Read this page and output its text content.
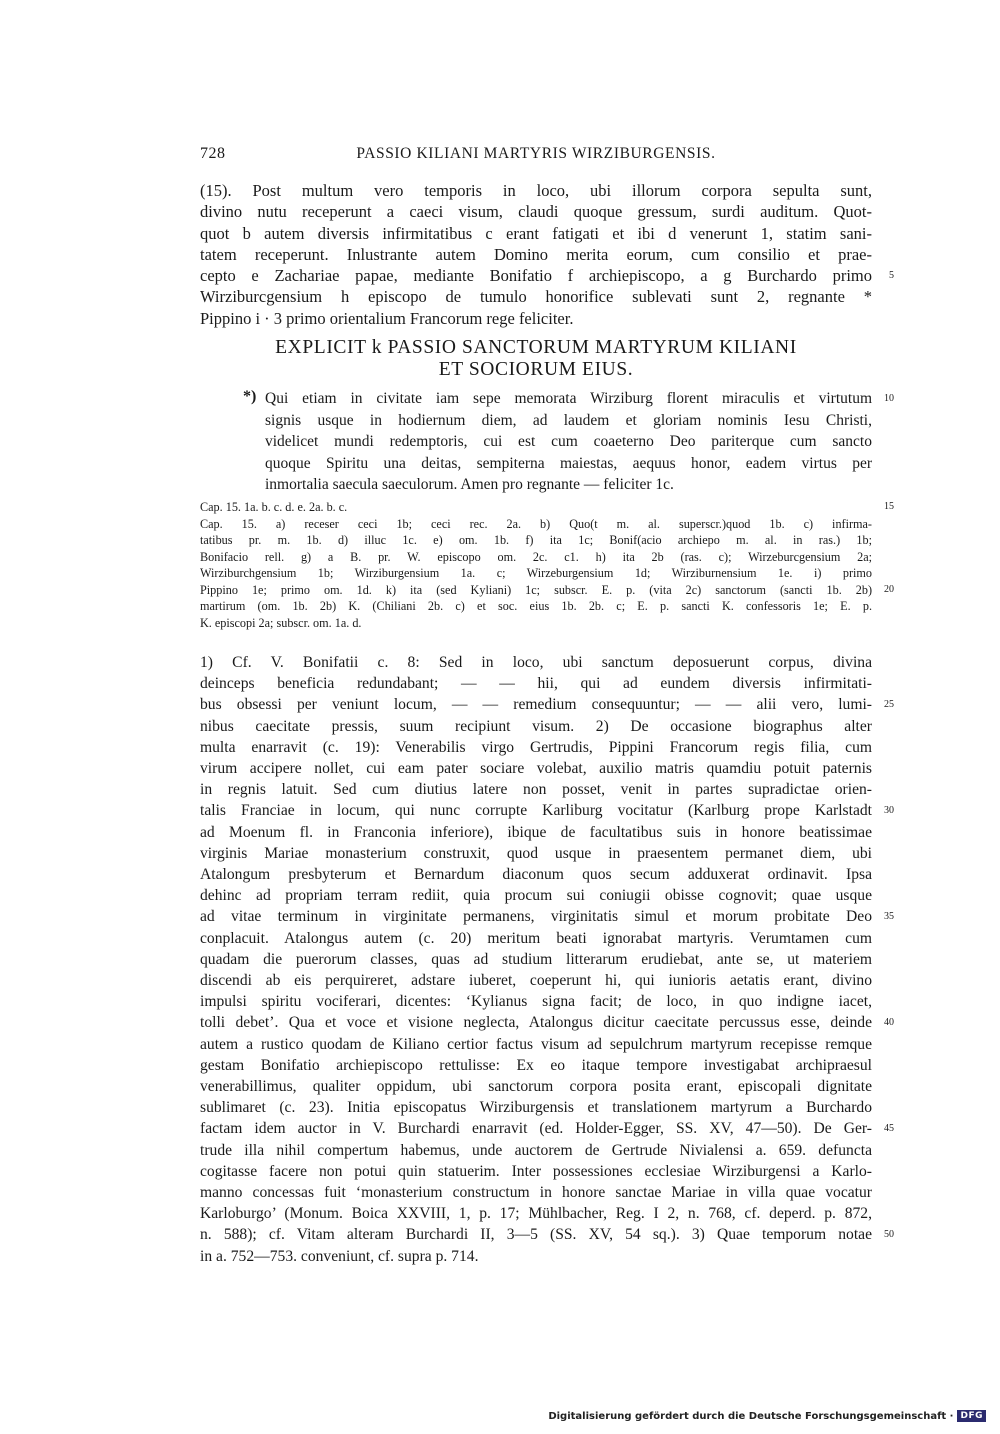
728	PASSIO KILIANI MARTYRIS WIRZIBURGENSIS.
(15). Post multum vero temporis in loco, ubi illorum corpora sepulta sunt,
divino nutu receperunt a caeci visum, claudi quoque gressum, surdi auditum. Quot-
quot b autem diversis infirmitatibus c erant fatigati et ibi d venerunt 1, statim sani-
tatem receperunt. Inlustrante autem Domino merita eorum, cum consilio et prae-
cepto e Zachariae papae, mediante Bonifatio f archiepiscopo, a g Burchardo primo 5
Wirziburcgensium h episcopo de tumulo honorifice sublevati sunt 2, regnante *
Pippino i · 3 primo orientalium Francorum rege feliciter.
EXPLICIT k PASSIO SANCTORUM MARTYRUM KILIANI
ET SOCIORUM EIUS.
*) Qui etiam in civitate iam sepe memorata Wirziburg florent miraculis et virtutum 10
signis usque in hodiernum diem, ad laudem et gloriam nominis Iesu Christi,
videlicet mundi redemptoris, cui est cum coaeterno Deo pariterque cum sancto
quoque Spiritu una deitas, sempiterna maiestas, aequus honor, eadem virtus per
inmortalia saecula saeculorum. Amen pro regnante — feliciter 1c.
Cap. 15. 1a. b. c. d. e. 2a. b. c.	15
Cap. 15. a) receser ceci 1b; ceci rec. 2a. b) Quo(t m. al. superscr.)quod 1b. c) infirma-
tatibus pr. m. 1b. d) illuc 1c. e) om. 1b. f) ita 1c; Bonif(acio archiepo m. al. in ras.) 1b;
Bonifacio rell. g) a B. pr. W. episcopo om. 2c. c1. h) ita 2b (ras. c); Wirzeburcgensium 2a;
Wirziburchgensium 1b; Wirziburgensium 1a. c; Wirzeburgensium 1d; Wirziburnensium 1e. i) primo
Pippino 1e; primo om. 1d. k) ita (sed Kyliani) 1c; subscr. E. p. (vita 2c) sanctorum (sancti 1b. 2b) 20
martirum (om. 1b. 2b) K. (Chiliani 2b. c) et soc. eius 1b. 2b. c; E. p. sancti K. confessoris 1e; E. p.
K. episcopi 2a; subscr. om. 1a. d.
1) Cf. V. Bonifatii c. 8: Sed in loco, ubi sanctum deposuerunt corpus, divina
deinceps beneficia redundabant; — — hii, qui ad eundem diversis infirmitati-
bus obsessi per veniunt locum, — — remedium consequuntur; — — alii vero, lumi- 25
nibus caecitate pressis, suum recipiunt visum. 2) De occasione biographus alter
multa enarravit (c. 19): Venerabilis virgo Gertrudis, Pippini Francorum regis filia, cum
virum accipere nollet, cui eam pater sociare volebat, auxilio matris quamdiu potuit paternis
in regnis latuit. Sed cum diutius latere non posset, venit in partes supradictae orien-
talis Franciae in locum, qui nunc corrupte Karliburg vocitatur (Karlburg prope Karlstadt 30
ad Moenum fl. in Franconia inferiore), ibique de facultatibus suis in honore beatissimae
virginis Mariae monasterium construxit, quod usque in praesentem permanet diem, ubi
Atalongum presbyterum et Bernardum diaconum quos secum adduxerat ordinavit. Ipsa
dehinc ad propriam terram rediit, quia procum sui coniugii obisse cognovit; quae usque
ad vitae terminum in virginitate permanens, virginitatis simul et morum probitate Deo 35
conplacuit. Atalongus autem (c. 20) meritum beati ignorabat martyris. Verumtamen cum
quadam die puerorum classes, quas ad studium litterarum erudiebat, ante se, ut materiem
discendi ab eis perquireret, adstare iuberet, coeperunt hi, qui iunioris aetatis erant, divino
impulsi spiritu vociferari, dicentes: ‘Kylianus signa facit; de loco, in quo indigne iacet,
tolli debet’. Qua et voce et visione neglecta, Atalongus dicitur caecitate percussus esse, deinde 40
autem a rustico quodam de Kiliano certior factus visum ad sepulchrum martyrum recepisse remque
gestam Bonifatio archiepiscopo rettulisse: Ex eo itaque tempore investigabat archipraesul
venerabillimus, qualiter oppidum, ubi sanctorum corpora posita erant, episcopali dignitate
sublimaret (c. 23). Initia episcopatus Wirziburgensis et translationem martyrum a Burchardo
factam idem auctor in V. Burchardi enarravit (ed. Holder-Egger, SS. XV, 47—50). De Ger- 45
trude illa nihil compertum habemus, unde auctorem de Gertrude Nivialensi a. 659. defuncta
cogitasse facere non potui quin statuerim. Inter possessiones ecclesiae Wirziburgensi a Karlo-
manno concessas fuit ‘monasterium constructum in honore sanctae Mariae in villa quae vocatur
Karloburgo’ (Monum. Boica XXVIII, 1, p. 17; Mühlbacher, Reg. I 2, n. 768, cf. deperd. p. 872,
n. 588); cf. Vitam alteram Burchardi II, 3—5 (SS. XV, 54 sq.). 3) Quae temporum notae 50
in a. 752—753. conveniunt, cf. supra p. 714.
Digitalisierung gefördert durch die Deutsche Forschungsgemeinschaft · DFG
